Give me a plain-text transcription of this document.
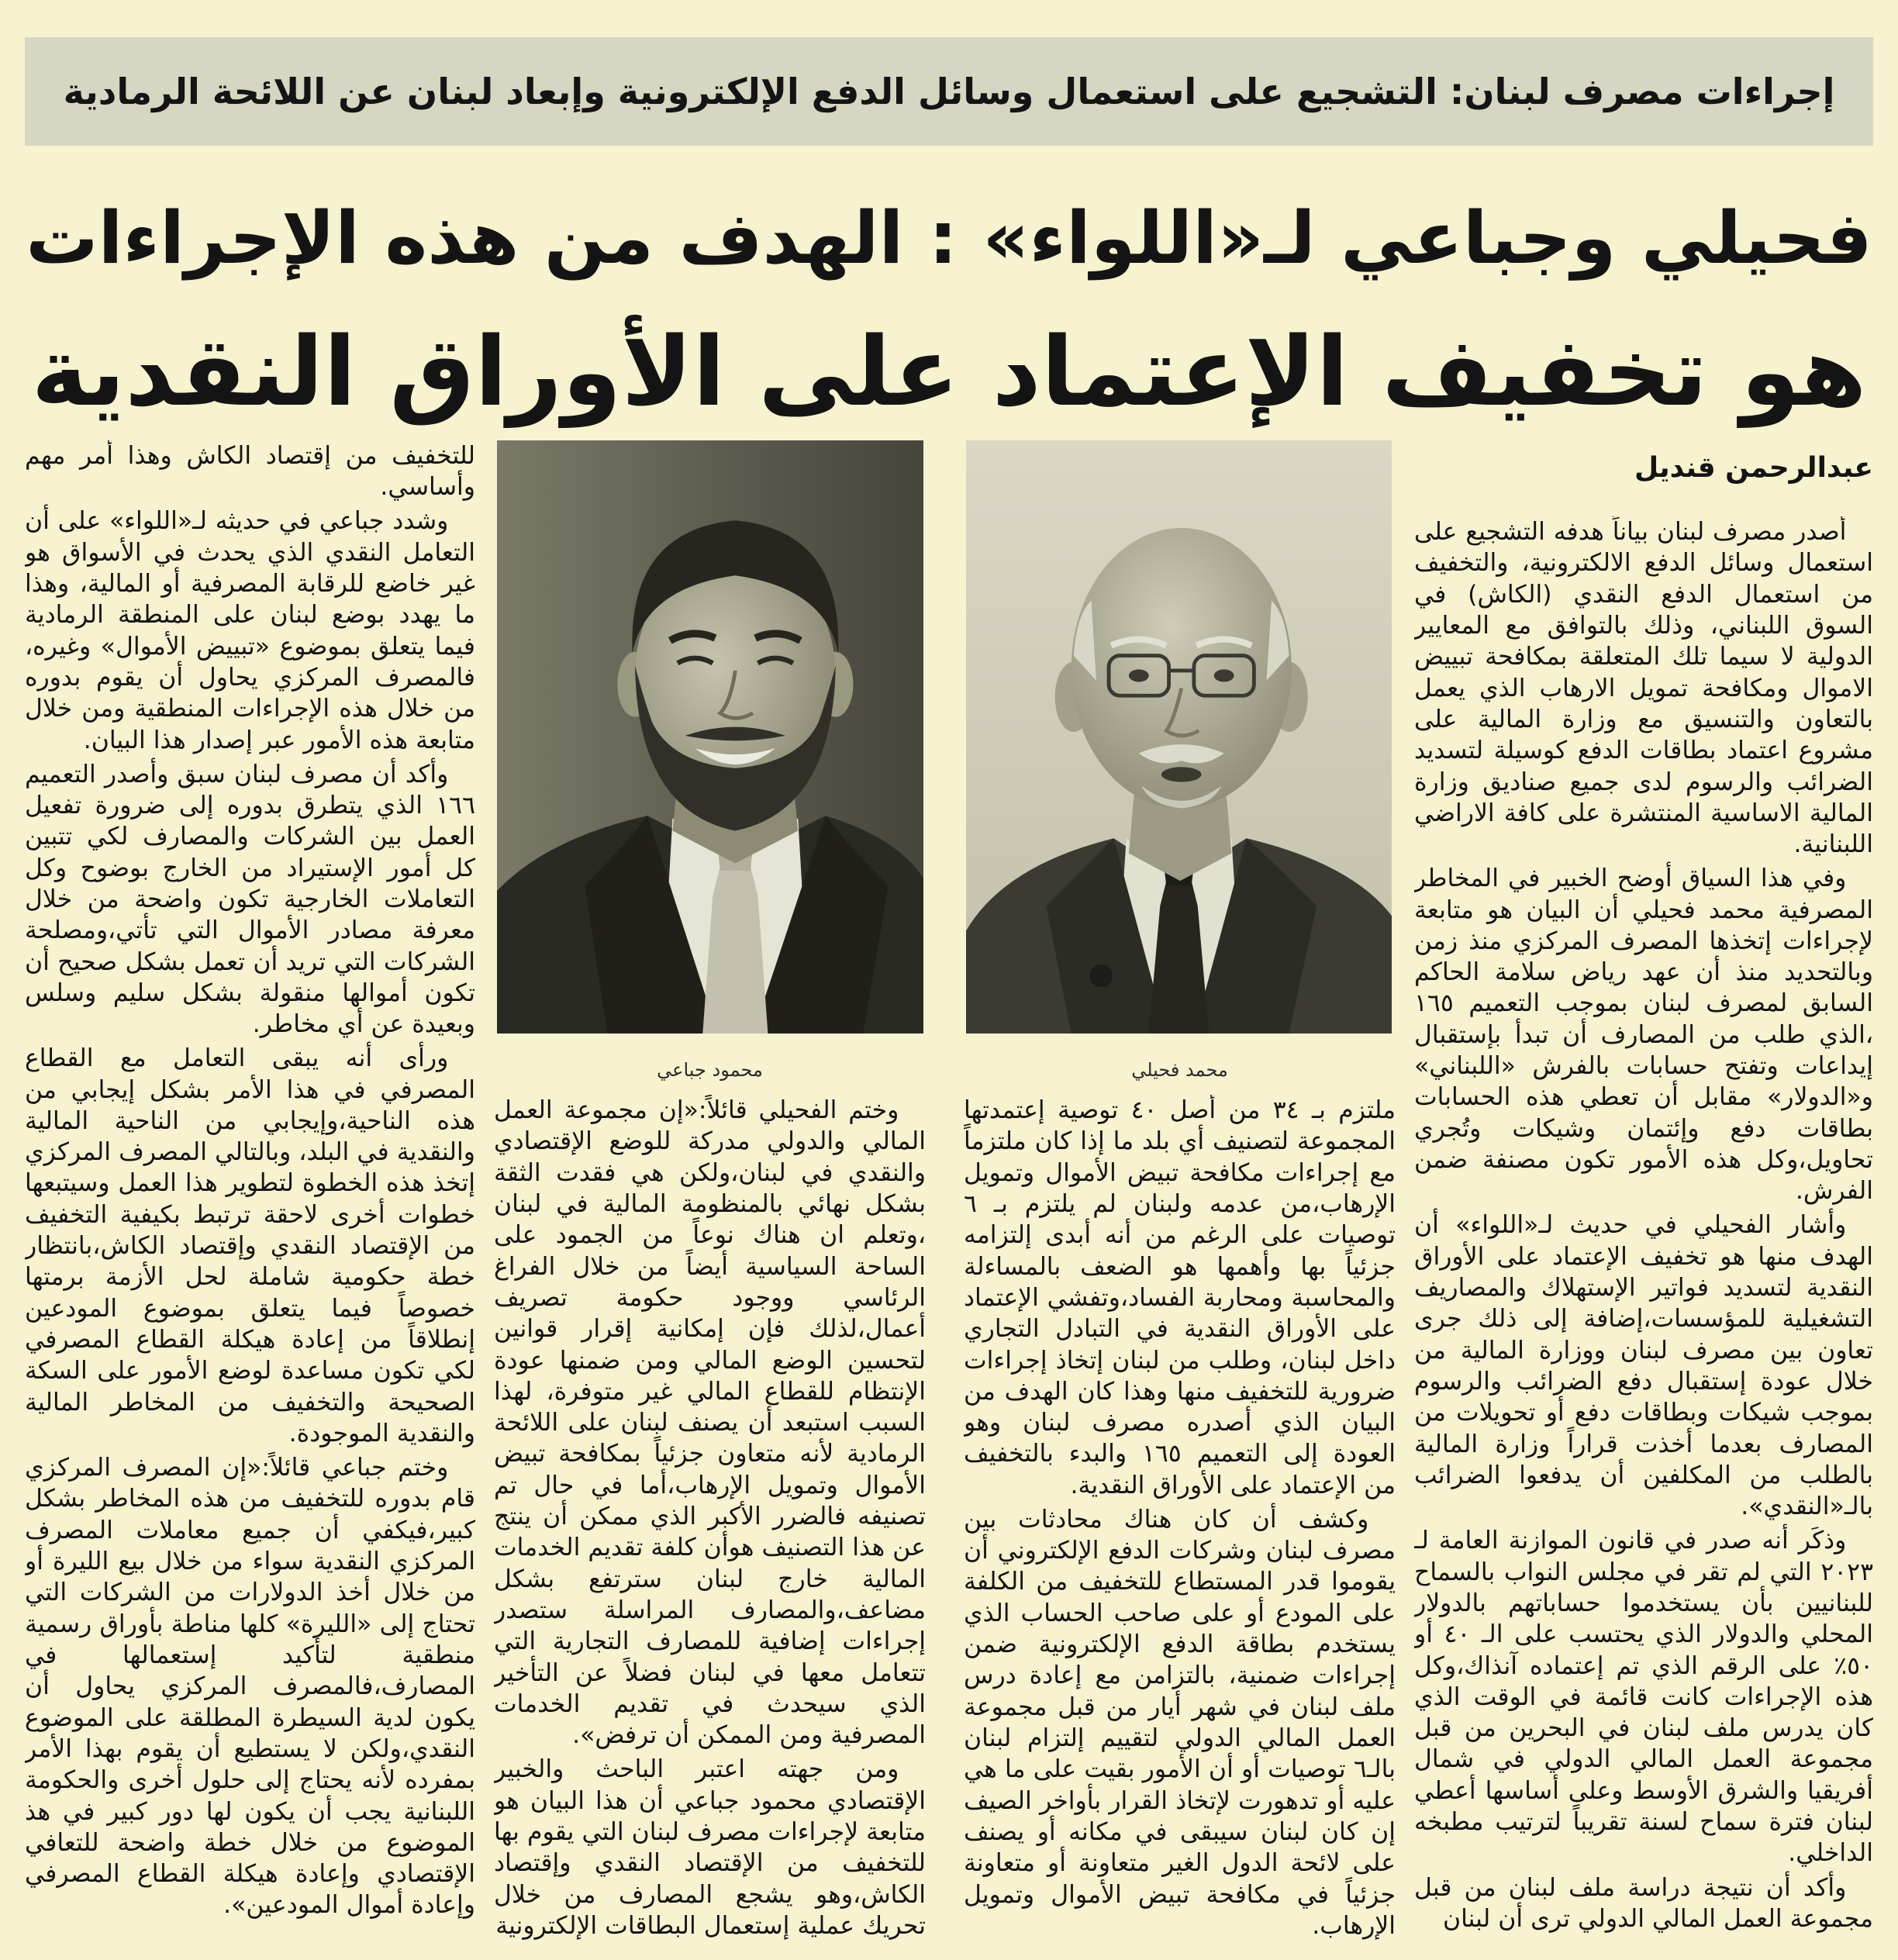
إجراءات مصرف لبنان: التشجيع على استعمال وسائل الدفع الإلكترونية وإبعاد لبنان عن اللائحة الرمادية
فحيلي وجباعي لـ«اللواء» : الهدف من هذه الإجراءات
هو تخفيف الإعتماد على الأوراق النقدية
عبدالرحمن قنديل

أصدر مصرف لبنان بياناً هدفه التشجيع على استعمال وسائل الدفع الالكترونية، والتخفيف من استعمال الدفع النقدي (الكاش) في السوق اللبناني، وذلك بالتوافق مع المعايير الدولية لا سيما تلك المتعلقة بمكافحة تبييض الاموال ومكافحة تمويل الارهاب الذي يعمل بالتعاون والتنسيق مع وزارة المالية على مشروع اعتماد بطاقات الدفع كوسيلة لتسديد الضرائب والرسوم لدى جميع صناديق وزارة المالية الاساسية المنتشرة على كافة الاراضي اللبنانية.

وفي هذا السياق أوضح الخبير في المخاطر المصرفية محمد فحيلي أن البيان هو متابعة لإجراءات إتخذها المصرف المركزي منذ زمن وبالتحديد منذ أن عهد رياض سلامة الحاكم السابق لمصرف لبنان بموجب التعميم ١٦٥ ،الذي طلب من المصارف أن تبدأ بإستقبال إيداعات وتفتح حسابات بالفرش «اللبناني» و«الدولار» مقابل أن تعطي هذه الحسابات بطاقات دفع وإئتمان وشيكات وتُجري تحاويل،وكل هذه الأمور تكون مصنفة ضمن الفرش.

وأشار الفحيلي في حديث لـ«اللواء» أن الهدف منها هو تخفيف الإعتماد على الأوراق النقدية لتسديد فواتير الإستهلاك والمصاريف التشغيلية للمؤسسات،إضافة إلى ذلك جرى تعاون بين مصرف لبنان ووزارة المالية من خلال عودة إستقبال دفع الضرائب والرسوم بموجب شيكات وبطاقات دفع أو تحويلات من المصارف بعدما أخذت قراراً وزارة المالية بالطلب من المكلفين أن يدفعوا الضرائب بالـ«النقدي».

وذكَر أنه صدر في قانون الموازنة العامة لـ ٢٠٢٣ التي لم تقر في مجلس النواب بالسماح للبنانيين بأن يستخدموا حساباتهم بالدولار المحلي والدولار الذي يحتسب على الـ ٤٠ أو ٥٠٪ على الرقم الذي تم إعتماده آنذاك،وكل هذه الإجراءات كانت قائمة في الوقت الذي كان يدرس ملف لبنان في البحرين من قبل مجموعة العمل المالي الدولي في شمال أفريقيا والشرق الأوسط وعلى أساسها أعطي لبنان فترة سماح لسنة تقريباً لترتيب مطبخه الداخلي.

وأكد أن نتيجة دراسة ملف لبنان من قبل مجموعة العمل المالي الدولي ترى أن لبنان

محمد فحيلي

ملتزم بـ ٣٤ من أصل ٤٠ توصية إعتمدتها المجموعة لتصنيف أي بلد ما إذا كان ملتزماً مع إجراءات مكافحة تبيض الأموال وتمويل الإرهاب،من عدمه ولبنان لم يلتزم بـ ٦ توصيات على الرغم من أنه أبدى إلتزامه جزئياً بها وأهمها هو الضعف بالمساءلة والمحاسبة ومحاربة الفساد،وتفشي الإعتماد على الأوراق النقدية في التبادل التجاري داخل لبنان، وطلب من لبنان إتخاذ إجراءات ضرورية للتخفيف منها وهذا كان الهدف من البيان الذي أصدره مصرف لبنان وهو العودة إلى التعميم ١٦٥ والبدء بالتخفيف من الإعتماد على الأوراق النقدية.

وكشف أن كان هناك محادثات بين مصرف لبنان وشركات الدفع الإلكتروني أن يقوموا قدر المستطاع للتخفيف من الكلفة على المودع أو على صاحب الحساب الذي يستخدم بطاقة الدفع الإلكترونية ضمن إجراءات ضمنية، بالتزامن مع إعادة درس ملف لبنان في شهر أيار من قبل مجموعة العمل المالي الدولي لتقييم إلتزام لبنان بالـ٦ توصيات أو أن الأمور بقيت على ما هي عليه أو تدهورت لإتخاذ القرار بأواخر الصيف إن كان لبنان سيبقى في مكانه أو يصنف على لائحة الدول الغير متعاونة أو متعاونة جزئياً في مكافحة تبيض الأموال وتمويل الإرهاب.

محمود جباعي

وختم الفحيلي قائلاً:«إن مجموعة العمل المالي والدولي مدركة للوضع الإقتصادي والنقدي في لبنان،ولكن هي فقدت الثقة بشكل نهائي بالمنظومة المالية في لبنان ،وتعلم ان هناك نوعاً من الجمود على الساحة السياسية أيضاً من خلال الفراغ الرئاسي ووجود حكومة تصريف أعمال،لذلك فإن إمكانية إقرار قوانين لتحسين الوضع المالي ومن ضمنها عودة الإنتظام للقطاع المالي غير متوفرة، لهذا السبب استبعد أن يصنف لبنان على اللائحة الرمادية لأنه متعاون جزئياً بمكافحة تبيض الأموال وتمويل الإرهاب،أما في حال تم تصنيفه فالضرر الأكبر الذي ممكن أن ينتج عن هذا التصنيف هوأن كلفة تقديم الخدمات المالية خارج لبنان سترتفع بشكل مضاعف،والمصارف المراسلة ستصدر إجراءات إضافية للمصارف التجارية التي تتعامل معها في لبنان فضلاً عن التأخير الذي سيحدث في تقديم الخدمات المصرفية ومن الممكن أن ترفض».

ومن جهته اعتبر الباحث والخبير الإقتصادي محمود جباعي أن هذا البيان هو متابعة لإجراءات مصرف لبنان التي يقوم بها للتخفيف من الإقتصاد النقدي وإقتصاد الكاش،وهو يشجع المصارف من خلال تحريك عملية إستعمال البطاقات الإلكترونية

للتخفيف من إقتصاد الكاش وهذا أمر مهم وأساسي.

وشدد جباعي في حديثه لـ«اللواء» على أن التعامل النقدي الذي يحدث في الأسواق هو غير خاضع للرقابة المصرفية أو المالية، وهذا ما يهدد بوضع لبنان على المنطقة الرمادية فيما يتعلق بموضوع «تبييض الأموال» وغيره، فالمصرف المركزي يحاول أن يقوم بدوره من خلال هذه الإجراءات المنطقية ومن خلال متابعة هذه الأمور عبر إصدار هذا البيان.

وأكد أن مصرف لبنان سبق وأصدر التعميم ١٦٦ الذي يتطرق بدوره إلى ضرورة تفعيل العمل بين الشركات والمصارف لكي تتبين كل أمور الإستيراد من الخارج بوضوح وكل التعاملات الخارجية تكون واضحة من خلال معرفة مصادر الأموال التي تأتي،ومصلحة الشركات التي تريد أن تعمل بشكل صحيح أن تكون أموالها منقولة بشكل سليم وسلس وبعيدة عن أي مخاطر.

ورأى أنه يبقى التعامل مع القطاع المصرفي في هذا الأمر بشكل إيجابي من هذه الناحية،وإيجابي من الناحية المالية والنقدية في البلد، وبالتالي المصرف المركزي إتخذ هذه الخطوة لتطوير هذا العمل وسيتبعها خطوات أخرى لاحقة ترتبط بكيفية التخفيف من الإقتصاد النقدي وإقتصاد الكاش،بانتظار خطة حكومية شاملة لحل الأزمة برمتها خصوصاً فيما يتعلق بموضوع المودعين إنطلاقاً من إعادة هيكلة القطاع المصرفي لكي تكون مساعدة لوضع الأمور على السكة الصحيحة والتخفيف من المخاطر المالية والنقدية الموجودة.

وختم جباعي قائلاً:«إن المصرف المركزي قام بدوره للتخفيف من هذه المخاطر بشكل كبير،فيكفي أن جميع معاملات المصرف المركزي النقدية سواء من خلال بيع الليرة أو من خلال أخذ الدولارات من الشركات التي تحتاج إلى «الليرة» كلها مناطة بأوراق رسمية منطقية لتأكيد إستعمالها في المصارف،فالمصرف المركزي يحاول أن يكون لدية السيطرة المطلقة على الموضوع النقدي،ولكن لا يستطيع أن يقوم بهذا الأمر بمفرده لأنه يحتاج إلى حلول أخرى والحكومة اللبنانية يجب أن يكون لها دور كبير في هذ الموضوع من خلال خطة واضحة للتعافي الإقتصادي وإعادة هيكلة القطاع المصرفي وإعادة أموال المودعين».
